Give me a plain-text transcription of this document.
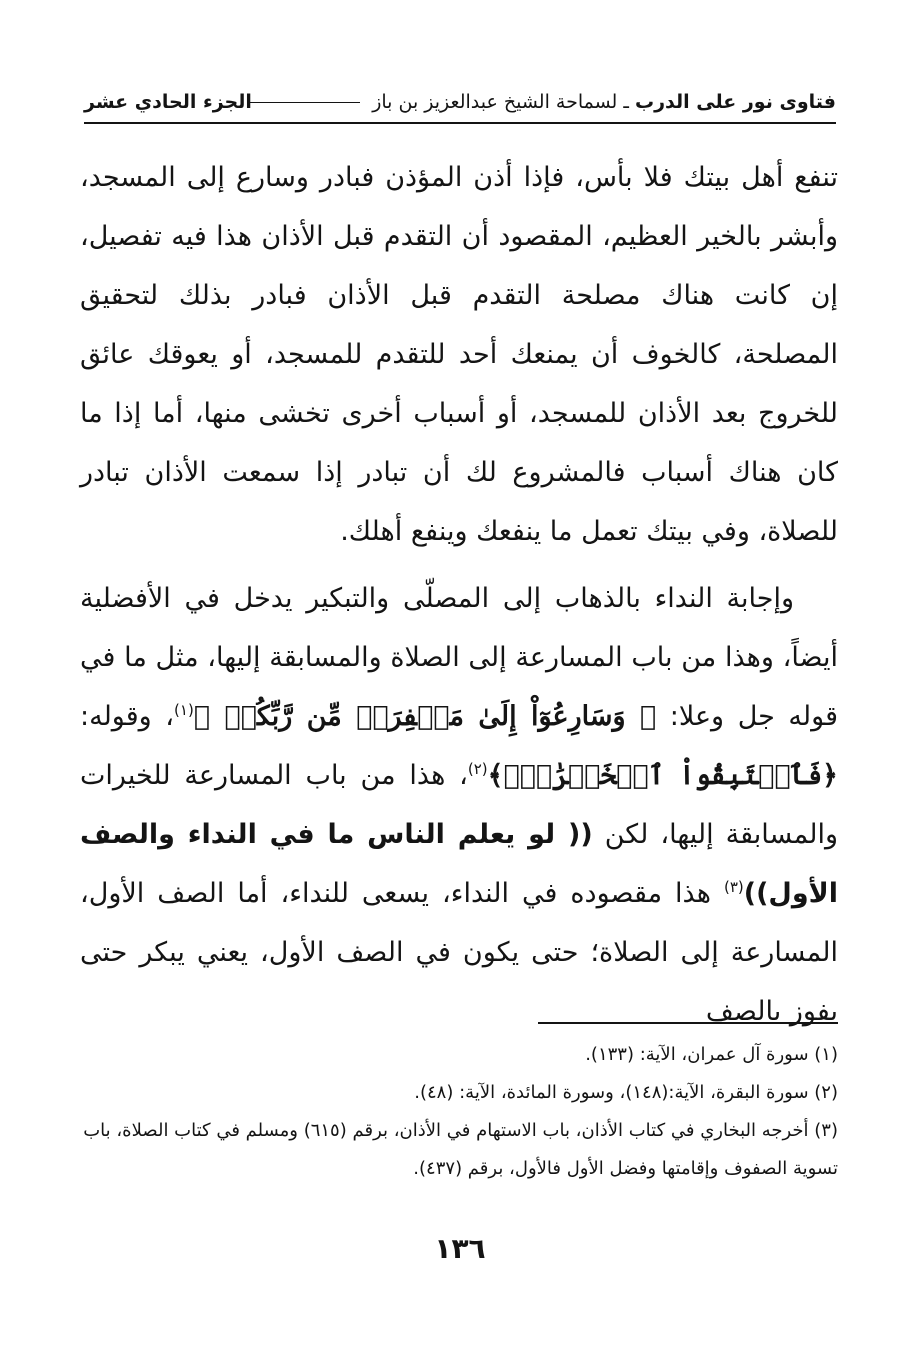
فتاوى نور على الدرب ـ لسماحة الشيخ عبدالعزيز بن باز
الجزء الحادي عشر

تنفع أهل بيتك فلا بأس، فإذا أذن المؤذن فبادر وسارع إلى المسجد، وأبشر بالخير العظيم، المقصود أن التقدم قبل الأذان هذا فيه تفصيل، إن كانت هناك مصلحة التقدم قبل الأذان فبادر بذلك لتحقيق المصلحة، كالخوف أن يمنعك أحد للتقدم للمسجد، أو يعوقك عائق للخروج بعد الأذان للمسجد، أو أسباب أخرى تخشى منها، أما إذا ما كان هناك أسباب فالمشروع لك أن تبادر إذا سمعت الأذان تبادر للصلاة، وفي بيتك تعمل ما ينفعك وينفع أهلك.

وإجابة النداء بالذهاب إلى المصلّى والتبكير يدخل في الأفضلية أيضاً، وهذا من باب المسارعة إلى الصلاة والمسابقة إليها، مثل ما في قوله جل وعلا: ﴿ وَسَارِعُوٓاْ إِلَىٰ مَغۡفِرَةٖ مِّن رَّبِّكُمۡ ﴾$^{(١)}$، وقوله: ﴿فَٱسۡتَبِقُواْ ٱلۡخَيۡرَٰتِۚ﴾$^{(٢)}$، هذا من باب المسارعة للخيرات والمسابقة إليها، لكن (( لو يعلم الناس ما في النداء والصف الأول))$^{(٣)}$ هذا مقصوده في النداء، يسعى للنداء، أما الصف الأول، المسارعة إلى الصلاة؛ حتى يكون في الصف الأول، يعني يبكر حتى يفوز بالصف

(١) سورة آل عمران، الآية: (١٣٣).

(٢) سورة البقرة، الآية:(١٤٨)، وسورة المائدة، الآية: (٤٨).

(٣) أخرجه البخاري في كتاب الأذان، باب الاستهام في الأذان، برقم (٦١٥) ومسلم في كتاب الصلاة، باب تسوية الصفوف وإقامتها وفضل الأول فالأول، برقم (٤٣٧).

١٣٦
